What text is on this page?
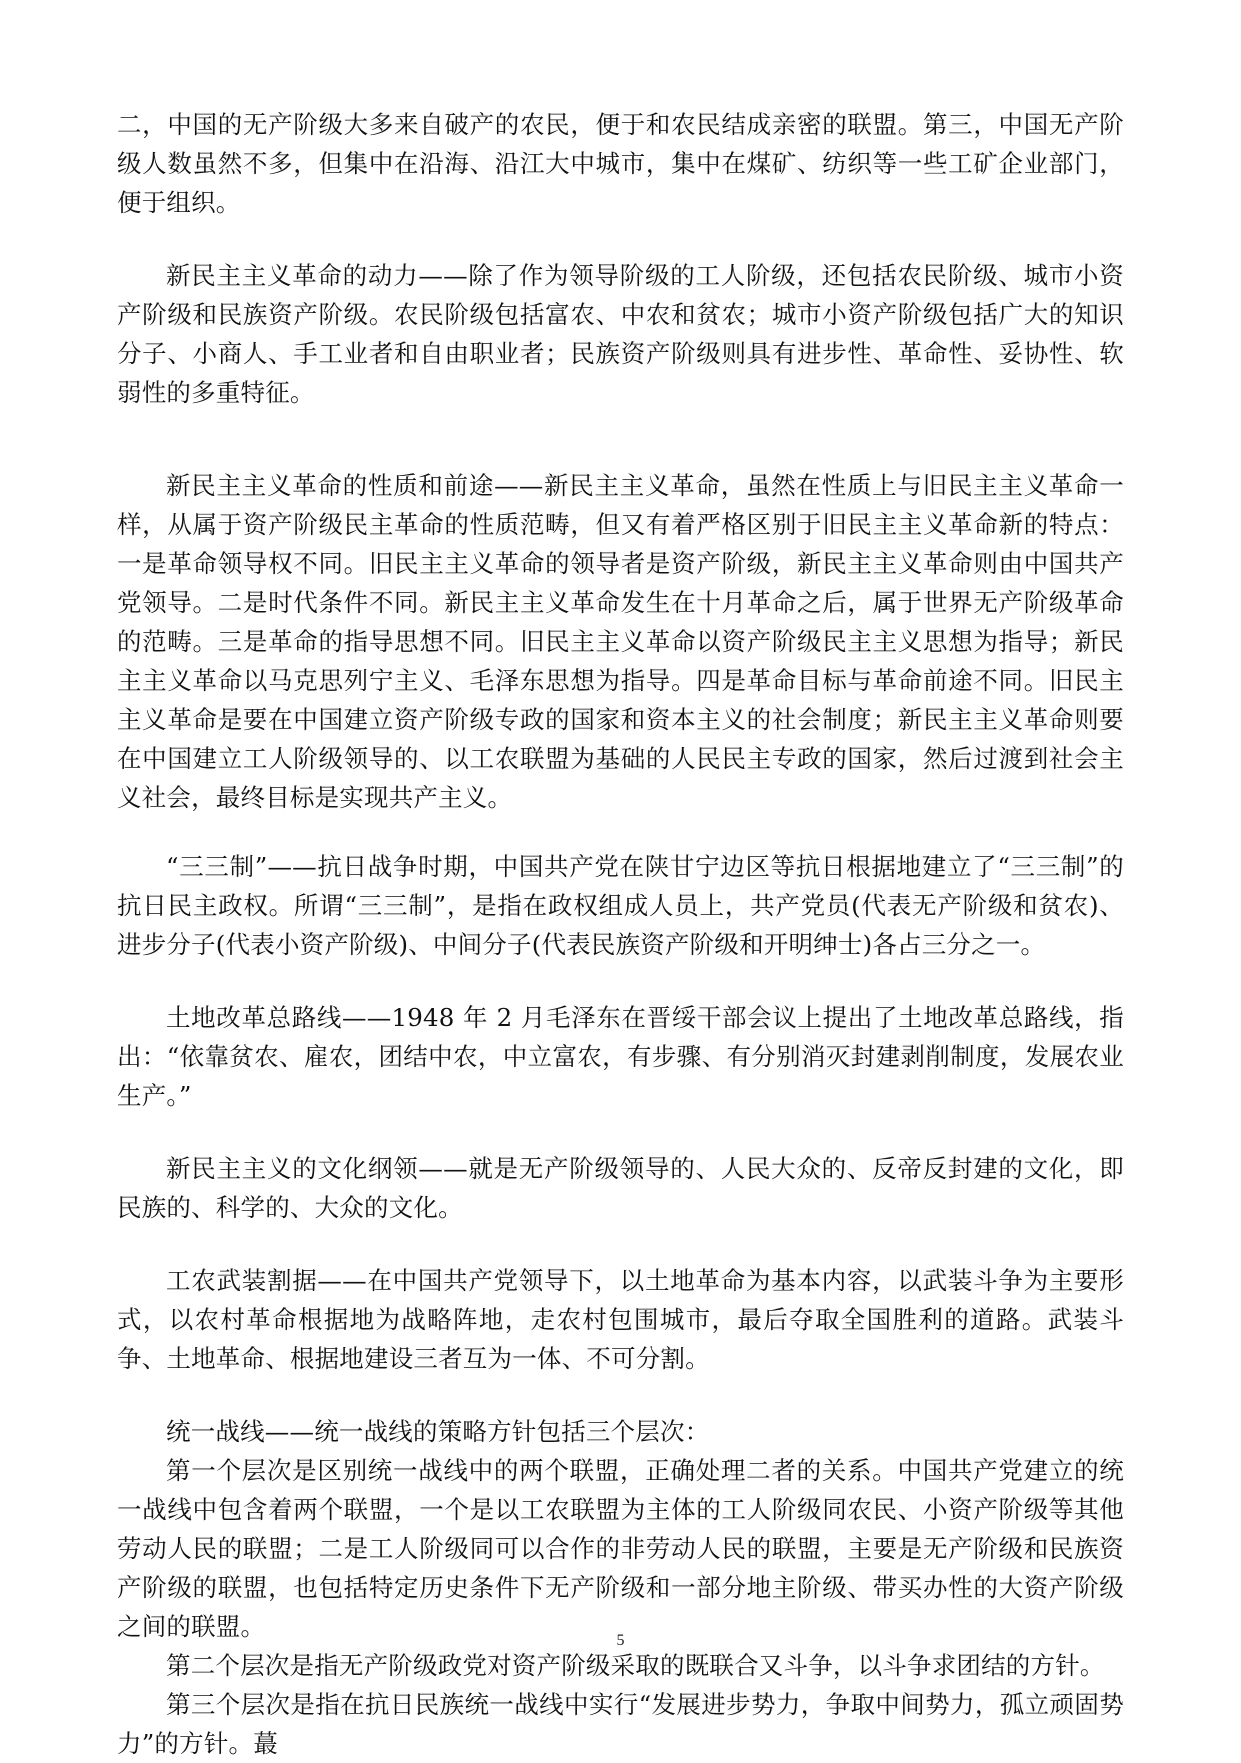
二，中国的无产阶级大多来自破产的农民，便于和农民结成亲密的联盟。第三，中国无产阶级人数虽然不多，但集中在沿海、沿江大中城市，集中在煤矿、纺织等一些工矿企业部门，便于组织。

新民主主义革命的动力——除了作为领导阶级的工人阶级，还包括农民阶级、城市小资产阶级和民族资产阶级。农民阶级包括富农、中农和贫农；城市小资产阶级包括广大的知识分子、小商人、手工业者和自由职业者；民族资产阶级则具有进步性、革命性、妥协性、软弱性的多重特征。

新民主主义革命的性质和前途——新民主主义革命，虽然在性质上与旧民主主义革命一样，从属于资产阶级民主革命的性质范畴，但又有着严格区别于旧民主主义革命新的特点：一是革命领导权不同。旧民主主义革命的领导者是资产阶级，新民主主义革命则由中国共产党领导。二是时代条件不同。新民主主义革命发生在十月革命之后，属于世界无产阶级革命的范畴。三是革命的指导思想不同。旧民主主义革命以资产阶级民主主义思想为指导；新民主主义革命以马克思列宁主义、毛泽东思想为指导。四是革命目标与革命前途不同。旧民主主义革命是要在中国建立资产阶级专政的国家和资本主义的社会制度；新民主主义革命则要在中国建立工人阶级领导的、以工农联盟为基础的人民民主专政的国家，然后过渡到社会主义社会，最终目标是实现共产主义。

“三三制”——抗日战争时期，中国共产党在陕甘宁边区等抗日根据地建立了“三三制”的抗日民主政权。所谓“三三制”，是指在政权组成人员上，共产党员(代表无产阶级和贫农)、进步分子(代表小资产阶级)、中间分子(代表民族资产阶级和开明绅士)各占三分之一。

土地改革总路线——1948 年 2 月毛泽东在晋绥干部会议上提出了土地改革总路线，指出：“依靠贫农、雇农，团结中农，中立富农，有步骤、有分别消灭封建剥削制度，发展农业生产。”

新民主主义的文化纲领——就是无产阶级领导的、人民大众的、反帝反封建的文化，即民族的、科学的、大众的文化。

工农武装割据——在中国共产党领导下，以土地革命为基本内容，以武装斗争为主要形式，以农村革命根据地为战略阵地，走农村包围城市，最后夺取全国胜利的道路。武装斗争、土地革命、根据地建设三者互为一体、不可分割。

统一战线——统一战线的策略方针包括三个层次：

第一个层次是区别统一战线中的两个联盟，正确处理二者的关系。中国共产党建立的统一战线中包含着两个联盟，一个是以工农联盟为主体的工人阶级同农民、小资产阶级等其他劳动人民的联盟；二是工人阶级同可以合作的非劳动人民的联盟，主要是无产阶级和民族资产阶级的联盟，也包括特定历史条件下无产阶级和一部分地主阶级、带买办性的大资产阶级之间的联盟。

第二个层次是指无产阶级政党对资产阶级采取的既联合又斗争，以斗争求团结的方针。

第三个层次是指在抗日民族统一战线中实行“发展进步势力，争取中间势力，孤立顽固势力”的方针。蕞

5
